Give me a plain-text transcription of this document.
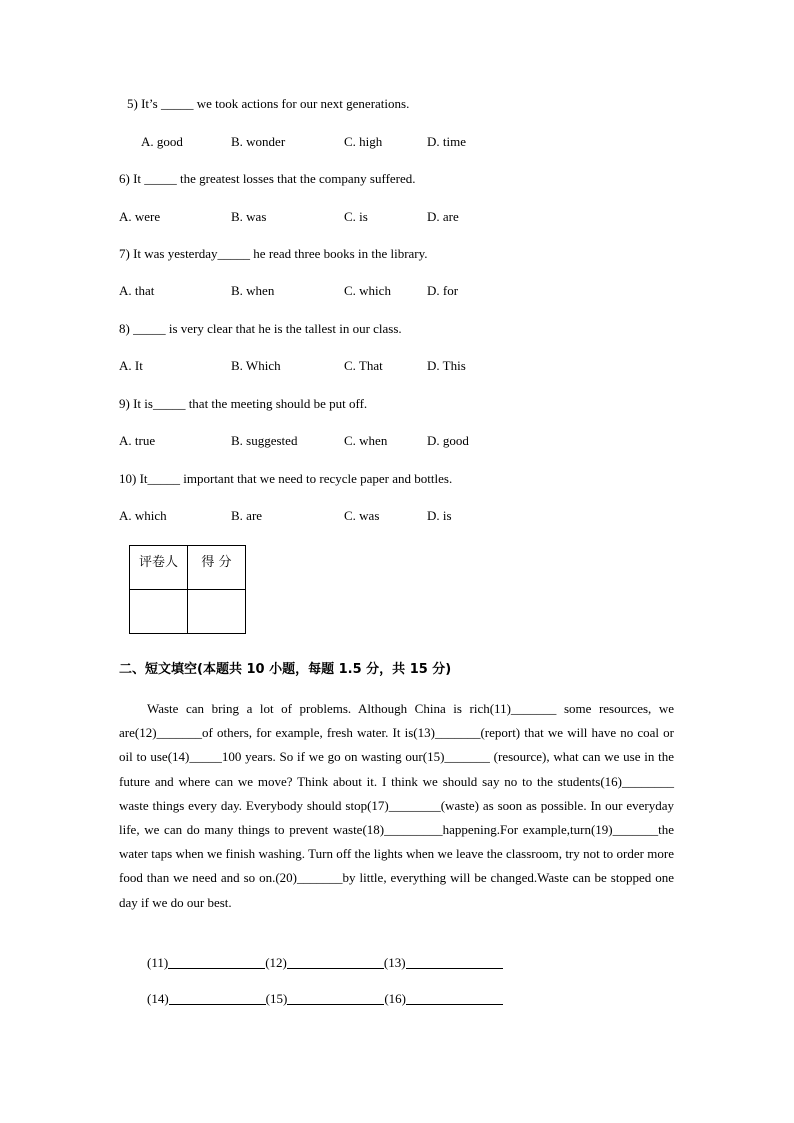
5) It’s _____ we took actions for our next generations.
A. good	B. wonder	C. high	D. time
6) It _____ the greatest losses that the company suffered.
A. were	B. was	C. is	D. are
7) It was yesterday_____ he read three books in the library.
A. that	B. when	C. which	D. for
8) _____ is very clear that he is the tallest in our class.
A. It	B. Which	C. That	D. This
9) It is_____ that the meeting should be put off.
A. true	B. suggested	C. when	D. good
10) It_____ important that we need to recycle paper and bottles.
A. which	B. are	C. was	D. is
评卷人	得 分

二、短文填空(本题共 10 小题，每题 1.5 分，共 15 分)
Waste can bring a lot of problems. Although China is rich(11)_______ some resources, we are(12)_______of others, for example, fresh water. It is(13)_______(report) that we will have no coal or oil to use(14)_____100 years. So if we go on wasting our(15)_______ (resource), what can we use in the future and where can we move? Think about it. I think we should say no to the students(16)________ waste things every day. Everybody should stop(17)________(waste) as soon as possible. In our everyday life, we can do many things to prevent waste(18)_________happening.For example,turn(19)_______the water taps when we finish washing. Turn off the lights when we leave the classroom, try not to order more food than we need and so on.(20)_______by little, everything will be changed.Waste can be stopped one day if we do our best.
(11)	(12)	(13)
(14)	(15)	(16)
